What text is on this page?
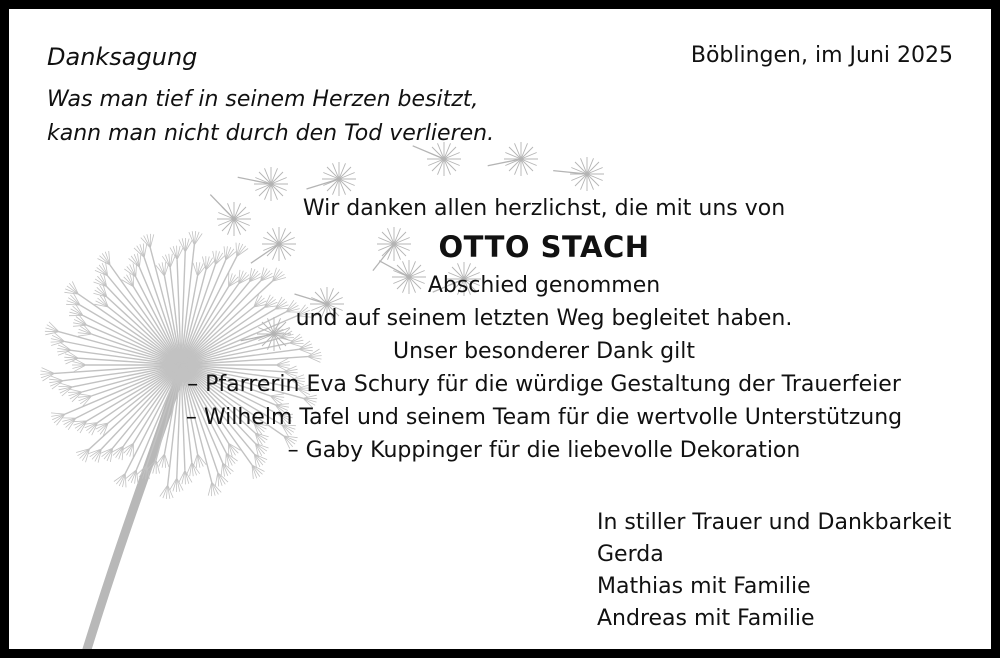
Danksagung	Böblingen, im Juni 2025
Was man tief in seinem Herzen besitzt,
kann man nicht durch den Tod verlieren.
Wir danken allen herzlichst, die mit uns von
OTTO STACH
Abschied genommen
und auf seinem letzten Weg begleitet haben.
Unser besonderer Dank gilt
– Pfarrerin Eva Schury für die würdige Gestaltung der Trauerfeier
– Wilhelm Tafel und seinem Team für die wertvolle Unterstützung
– Gaby Kuppinger für die liebevolle Dekoration
In stiller Trauer und Dankbarkeit
Gerda
Mathias mit Familie
Andreas mit Familie
